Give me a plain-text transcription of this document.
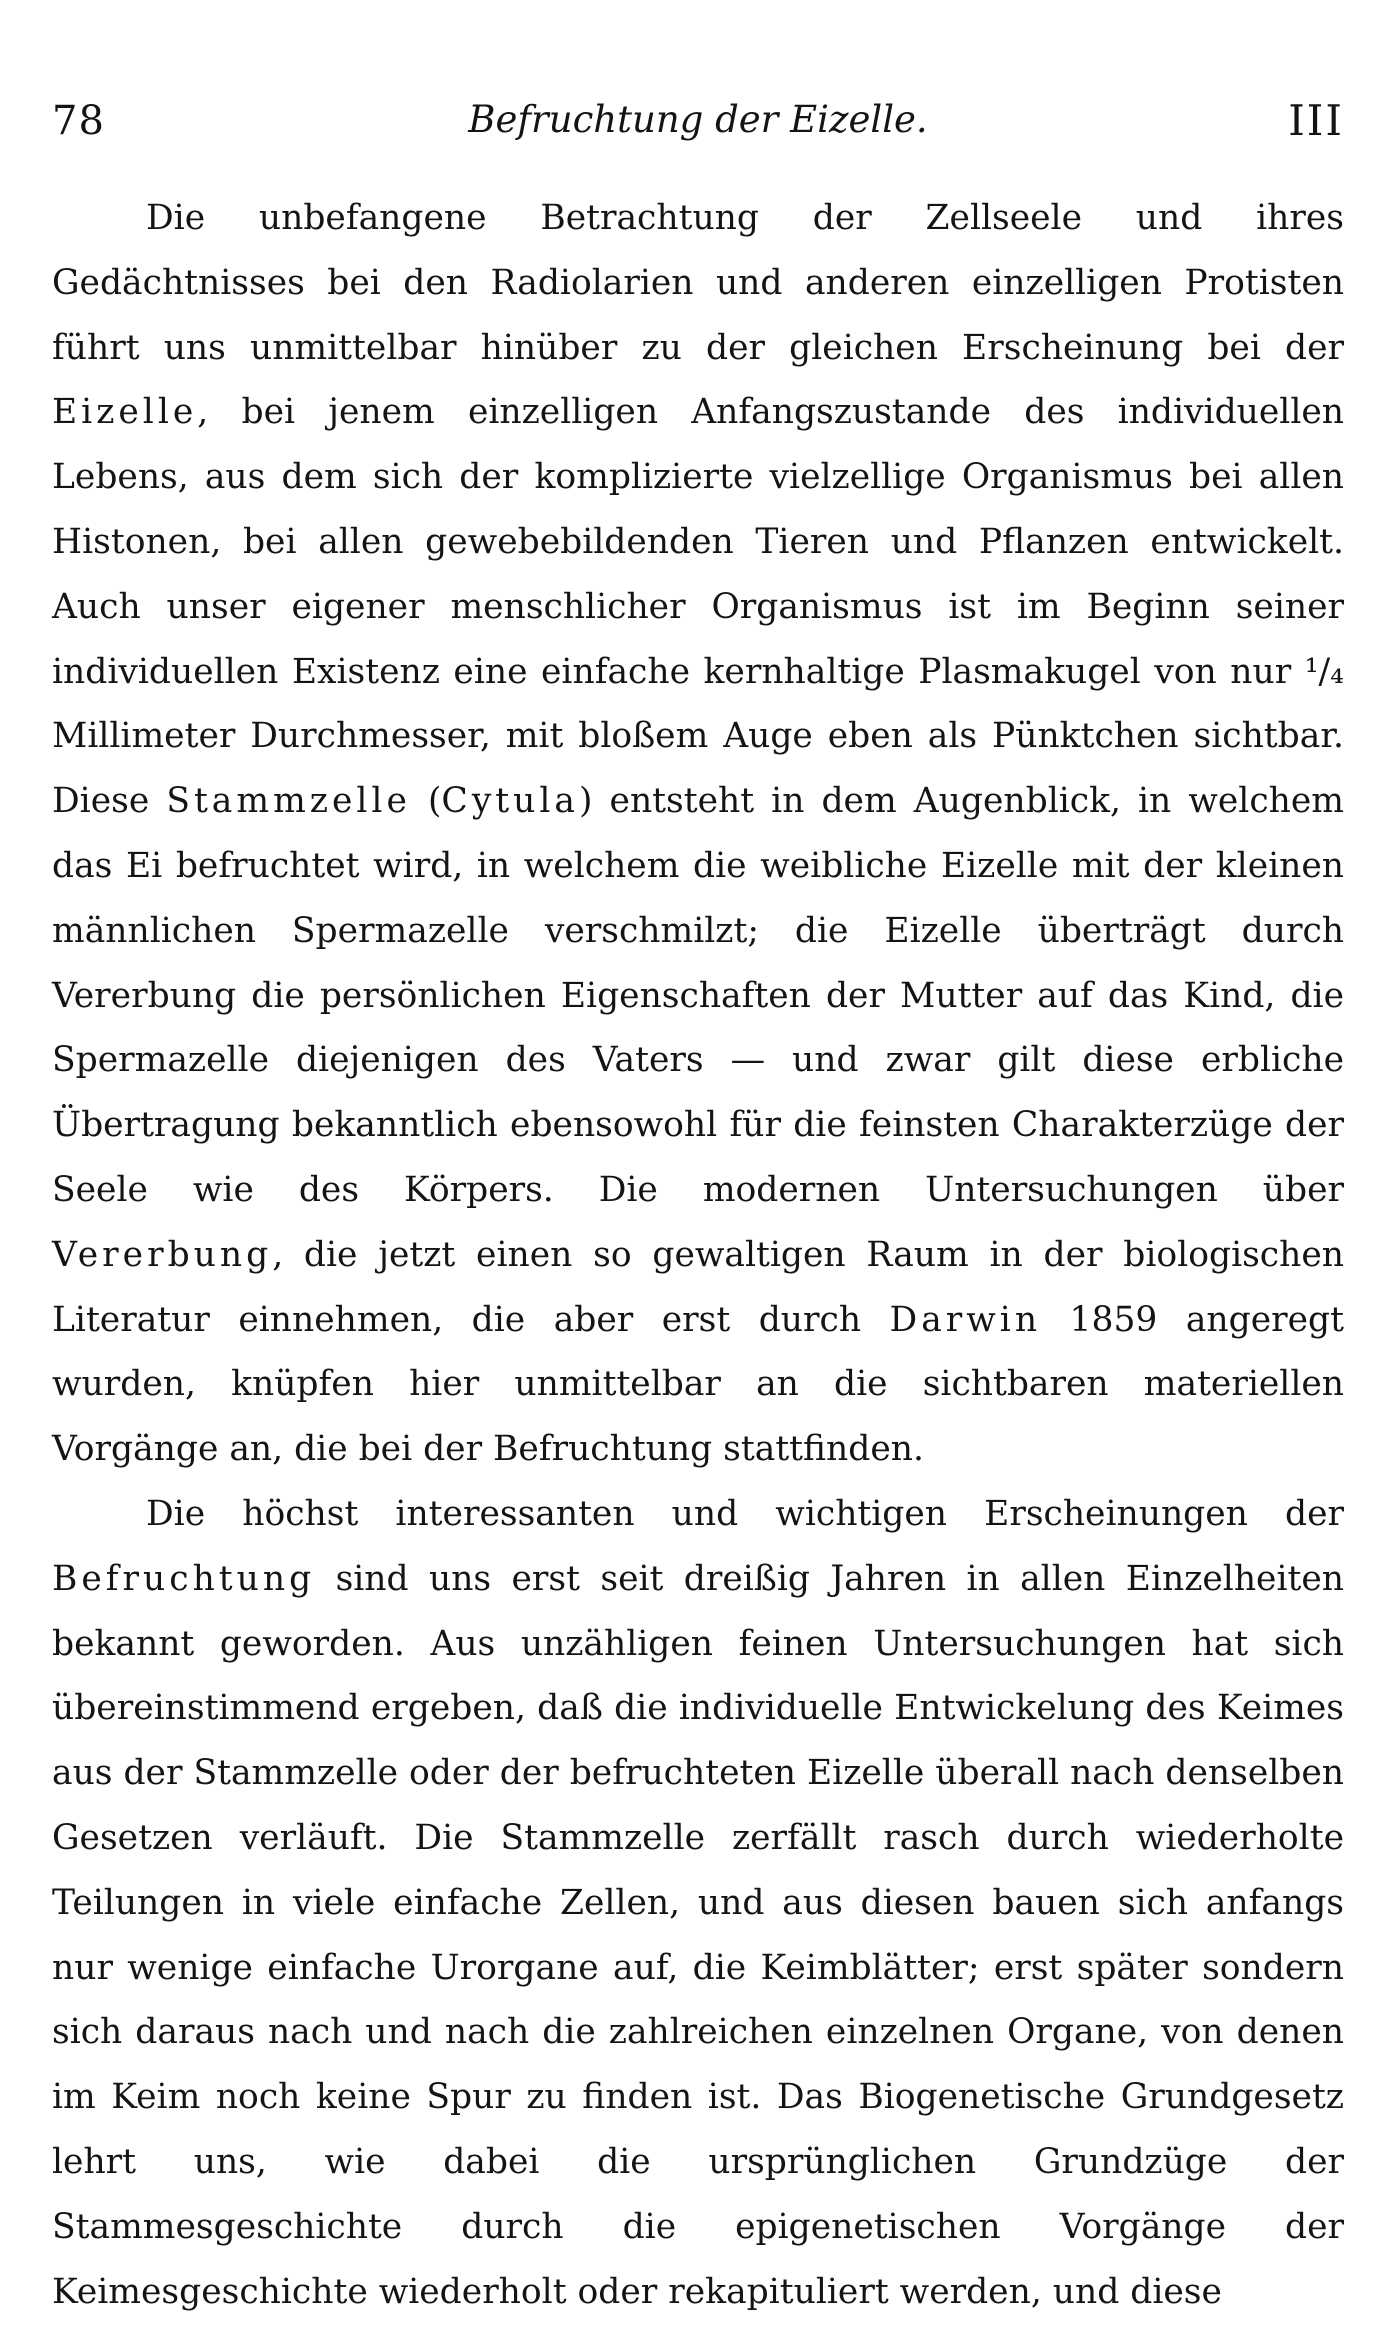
78	Befruchtung der Eizelle.	III

Die unbefangene Betrachtung der Zellseele und ihres Gedächtnisses bei den Radiolarien und anderen einzelligen Protisten führt uns unmittelbar hinüber zu der gleichen Erscheinung bei der Eizelle, bei jenem einzelligen Anfangszustande des individuellen Lebens, aus dem sich der komplizierte vielzellige Organismus bei allen Histonen, bei allen gewebebildenden Tieren und Pflanzen entwickelt. Auch unser eigener menschlicher Organismus ist im Beginn seiner individuellen Existenz eine einfache kernhaltige Plasmakugel von nur ¹/₄ Millimeter Durchmesser, mit bloßem Auge eben als Pünktchen sichtbar. Diese Stammzelle (Cytula) entsteht in dem Augenblick, in welchem das Ei befruchtet wird, in welchem die weibliche Eizelle mit der kleinen männlichen Spermazelle verschmilzt; die Eizelle überträgt durch Vererbung die persönlichen Eigenschaften der Mutter auf das Kind, die Spermazelle diejenigen des Vaters — und zwar gilt diese erbliche Übertragung bekanntlich ebensowohl für die feinsten Charakterzüge der Seele wie des Körpers. Die modernen Untersuchungen über Vererbung, die jetzt einen so gewaltigen Raum in der biologischen Literatur einnehmen, die aber erst durch Darwin 1859 angeregt wurden, knüpfen hier unmittelbar an die sichtbaren materiellen Vorgänge an, die bei der Befruchtung stattfinden.

Die höchst interessanten und wichtigen Erscheinungen der Befruchtung sind uns erst seit dreißig Jahren in allen Einzelheiten bekannt geworden. Aus unzähligen feinen Untersuchungen hat sich übereinstimmend ergeben, daß die individuelle Entwickelung des Keimes aus der Stammzelle oder der befruchteten Eizelle überall nach denselben Gesetzen verläuft. Die Stammzelle zerfällt rasch durch wiederholte Teilungen in viele einfache Zellen, und aus diesen bauen sich anfangs nur wenige einfache Urorgane auf, die Keimblätter; erst später sondern sich daraus nach und nach die zahlreichen einzelnen Organe, von denen im Keim noch keine Spur zu finden ist. Das Biogenetische Grundgesetz lehrt uns, wie dabei die ursprünglichen Grundzüge der Stammesgeschichte durch die epigenetischen Vorgänge der Keimesgeschichte wiederholt oder rekapituliert werden, und diese
